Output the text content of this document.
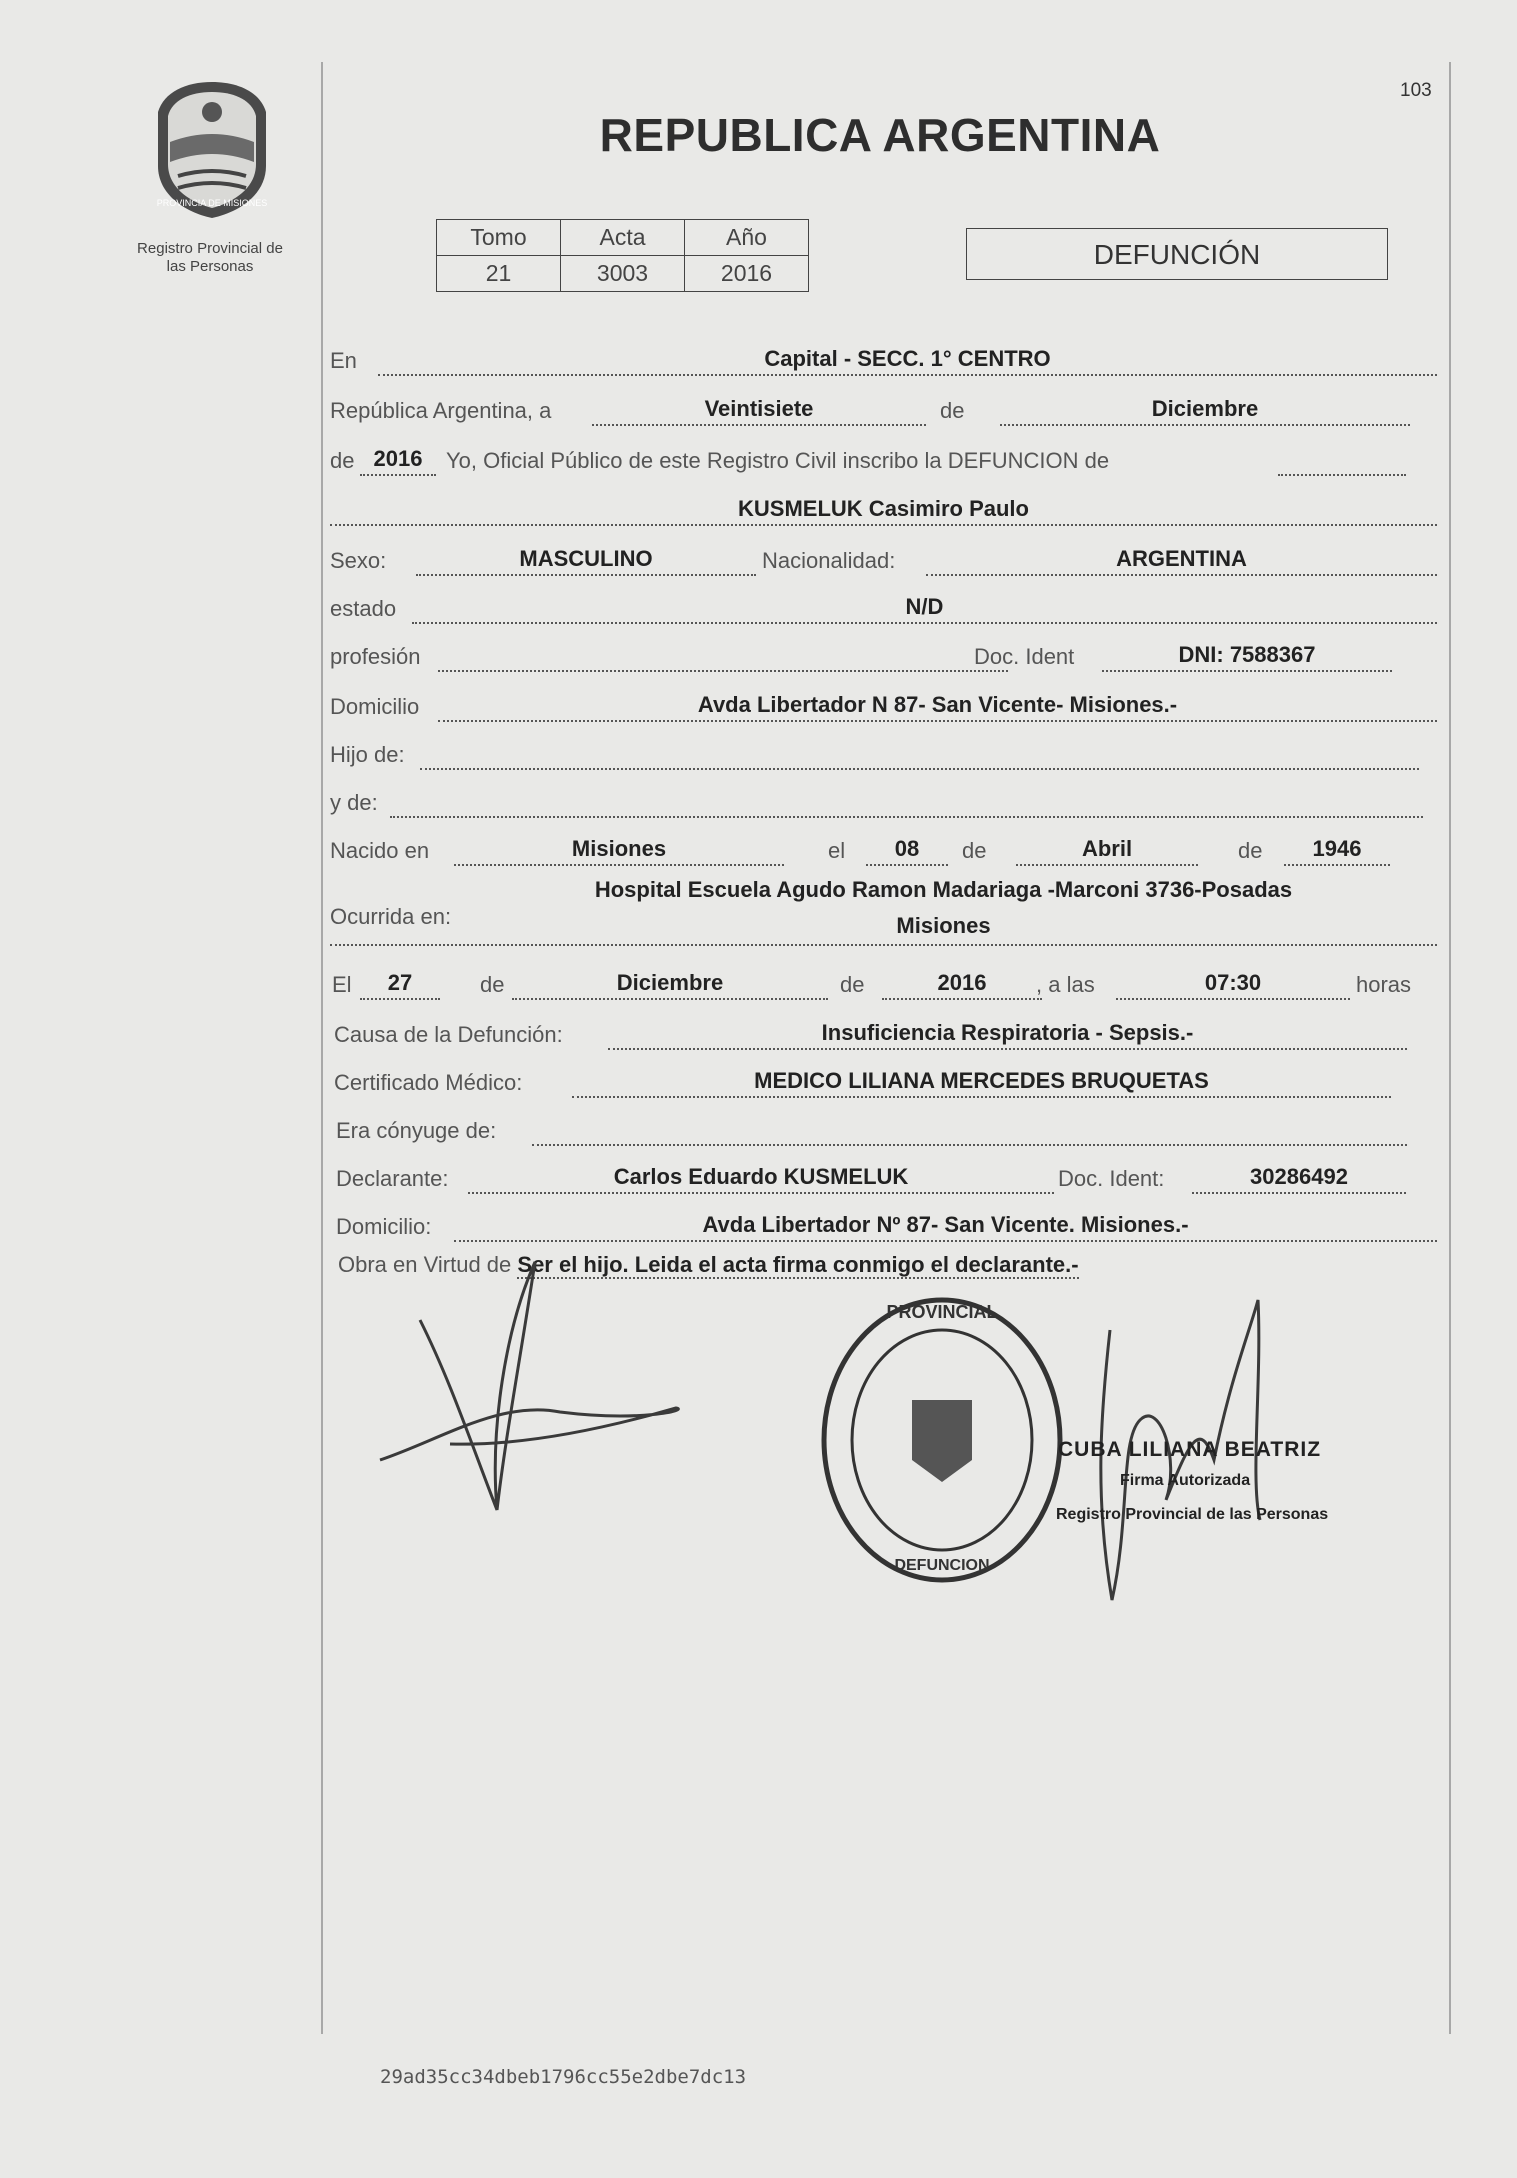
103
PROVINCIA DE MISIONES
Registro Provincial de
las Personas
REPUBLICA ARGENTINA
Tomo	Acta	Año
21	3003	2016
DEFUNCIÓN
En	Capital - SECC. 1° CENTRO
República Argentina, a	Veintisiete	de	Diciembre
de 2016	Yo, Oficial Público de este Registro Civil inscribo la DEFUNCION de
KUSMELUK Casimiro Paulo
Sexo:	MASCULINO	Nacionalidad:	ARGENTINA
estado	N/D
profesión	Doc. Ident	DNI: 7588367
Domicilio	Avda Libertador N 87- San Vicente- Misiones.-
Hijo de:
y de:
Nacido en	Misiones	el	08	de	Abril	de	1946
Ocurrida en:
Hospital Escuela Agudo Ramon Madariaga -Marconi 3736-Posadas
Misiones
El	27	de	Diciembre	de	2016	, a las	07:30	horas
Causa de la Defunción:	Insuficiencia Respiratoria - Sepsis.-
Certificado Médico:	MEDICO LILIANA MERCEDES BRUQUETAS
Era cónyuge de:
Declarante:	Carlos Eduardo KUSMELUK	Doc. Ident:	30286492
Domicilio:	Avda Libertador Nº 87- San Vicente. Misiones.-
Obra en Virtud de Ser el hijo. Leida el acta firma conmigo el declarante.-
PROVINCIAL
DEFUNCION
CUBA LILIANA BEATRIZ
Firma Autorizada
Registro Provincial de las Personas
29ad35cc34dbeb1796cc55e2dbe7dc13
